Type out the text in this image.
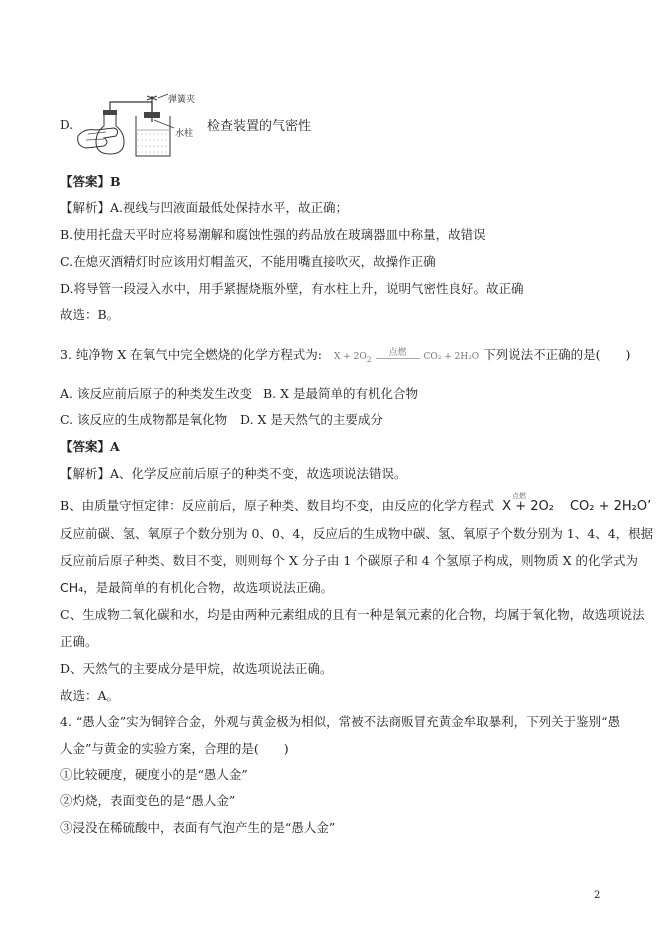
D.
弹簧夹
水柱 检查装置的气密性
【答案】B
【解析】A.视线与凹液面最低处保持水平，故正确；
B.使用托盘天平时应将易潮解和腐蚀性强的药品放在玻璃器皿中称量，故错误
C.在熄灭酒精灯时应该用灯帽盖灭，不能用嘴直接吹灭，故操作正确
D.将导管一段浸入水中，用手紧握烧瓶外壁，有水柱上升，说明气密性良好。故正确
故选：B。
3. 纯净物 X 在氧气中完全燃烧的化学方程式为: $X + 2O_2$ 点燃 CO₂ + 2H₂O 下列说法不正确的是(　　)
A. 该反应前后原子的种类发生改变 B. X 是最简单的有机化合物
C. 该反应的生成物都是氧化物 D. X 是天然气的主要成分
【答案】A
【解析】A、化学反应前后原子的种类不变，故选项说法错误。
B、由质量守恒定律：反应前后，原子种类、数目均不变，由反应的化学方程式 X + 2O₂
点燃
CO₂ + 2H₂O’
反应前碳、氢、氧原子个数分别为 0、0、4，反应后的生成物中碳、氢、氧原子个数分别为 1、4、4，根据
反应前后原子种类、数目不变，则则每个 X 分子由 1 个碳原子和 4 个氢原子构成，则物质 X 的化学式为
CH₄，是最简单的有机化合物，故选项说法正确。
C、生成物二氧化碳和水，均是由两种元素组成的且有一种是氧元素的化合物，均属于氧化物，故选项说法
正确。
D、天然气的主要成分是甲烷，故选项说法正确。
故选：A。
4. “愚人金”实为铜锌合金，外观与黄金极为相似，常被不法商贩冒充黄金牟取暴利，下列关于鉴别“愚
人金”与黄金的实验方案，合理的是(　　)
①比较硬度，硬度小的是“愚人金”
②灼烧，表面变色的是“愚人金”
③浸没在稀硫酸中，表面有气泡产生的是“愚人金”
2
